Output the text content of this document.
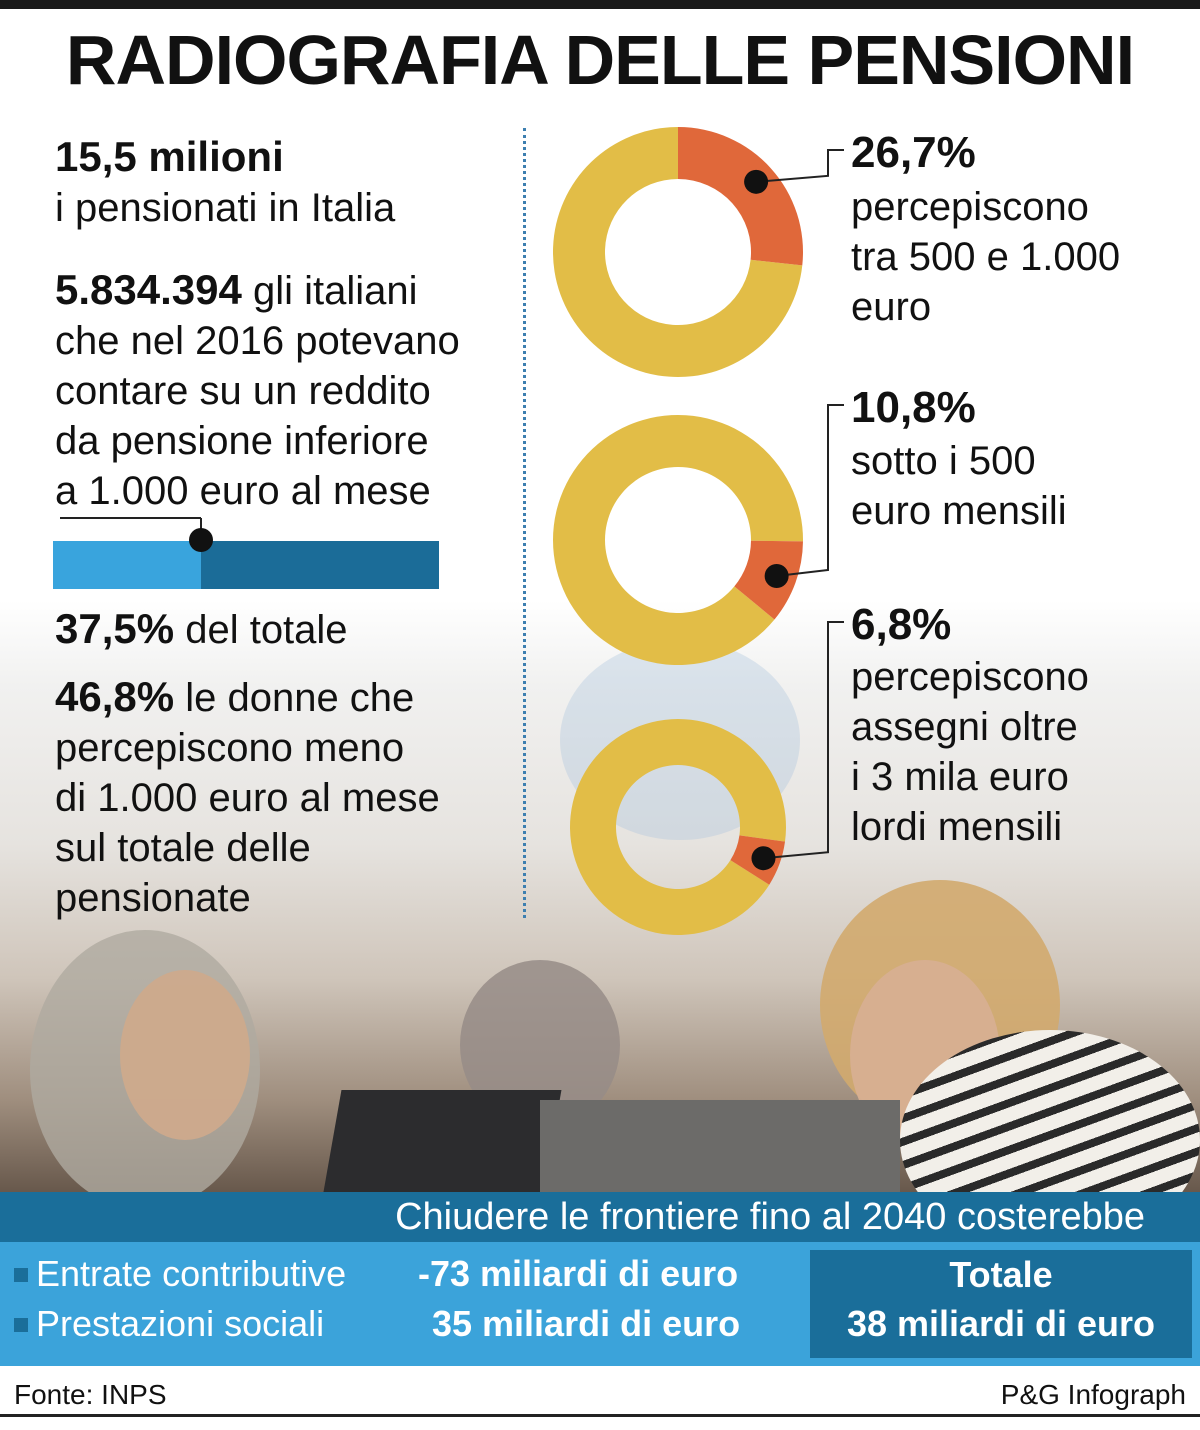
RADIOGRAFIA DELLE PENSIONI
15,5 milioni
i pensionati in Italia
5.834.394 gli italiani
che nel 2016 potevano
contare su un reddito
da pensione inferiore
a 1.000 euro al mese
37,5% del totale
46,8% le donne che
percepiscono meno
di 1.000 euro al mese
sul totale delle
pensionate
26,7%
percepiscono
tra 500 e 1.000
euro
10,8%
sotto i 500
euro mensili
6,8%
percepiscono
assegni oltre
i 3 mila euro
lordi mensili
Chiudere le frontiere fino al 2040 costerebbe
Entrate contributive -73 miliardi di euro
Prestazioni sociali	35 miliardi di euro
Totale
38 miliardi di euro
Fonte: INPS	P&G Infograph
